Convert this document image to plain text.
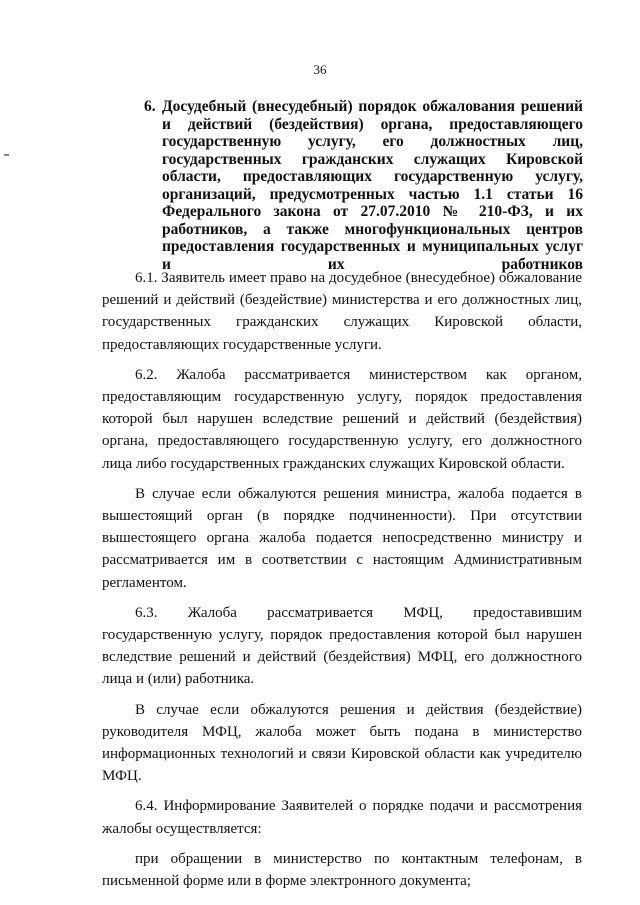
36
6. Досудебный (внесудебный) порядок обжалования решений и действий (бездействия) органа, предоставляющего государственную услугу, его должностных лиц, государственных гражданских служащих Кировской области, предоставляющих государственную услугу, организаций, предусмотренных частью 1.1 статьи 16 Федерального закона от 27.07.2010 № 210-ФЗ, и их работников, а также многофункциональных центров предоставления государственных и муниципальных услуг и их работников

6.1. Заявитель имеет право на досудебное (внесудебное) обжалование решений и действий (бездействие) министерства и его должностных лиц, государственных гражданских служащих Кировской области, предоставляющих государственные услуги.

6.2. Жалоба рассматривается министерством как органом, предоставляющим государственную услугу, порядок предоставления которой был нарушен вследствие решений и действий (бездействия) органа, предоставляющего государственную услугу, его должностного лица либо государственных гражданских служащих Кировской области.

В случае если обжалуются решения министра, жалоба подается в вышестоящий орган (в порядке подчиненности). При отсутствии вышестоящего органа жалоба подается непосредственно министру и рассматривается им в соответствии с настоящим Административным регламентом.

6.3. Жалоба рассматривается МФЦ, предоставившим государственную услугу, порядок предоставления которой был нарушен вследствие решений и действий (бездействия) МФЦ, его должностного лица и (или) работника.

В случае если обжалуются решения и действия (бездействие) руководителя МФЦ, жалоба может быть подана в министерство информационных технологий и связи Кировской области как учредителю МФЦ.

6.4. Информирование Заявителей о порядке подачи и рассмотрения жалобы осуществляется:

при обращении в министерство по контактным телефонам, в письменной форме или в форме электронного документа;
